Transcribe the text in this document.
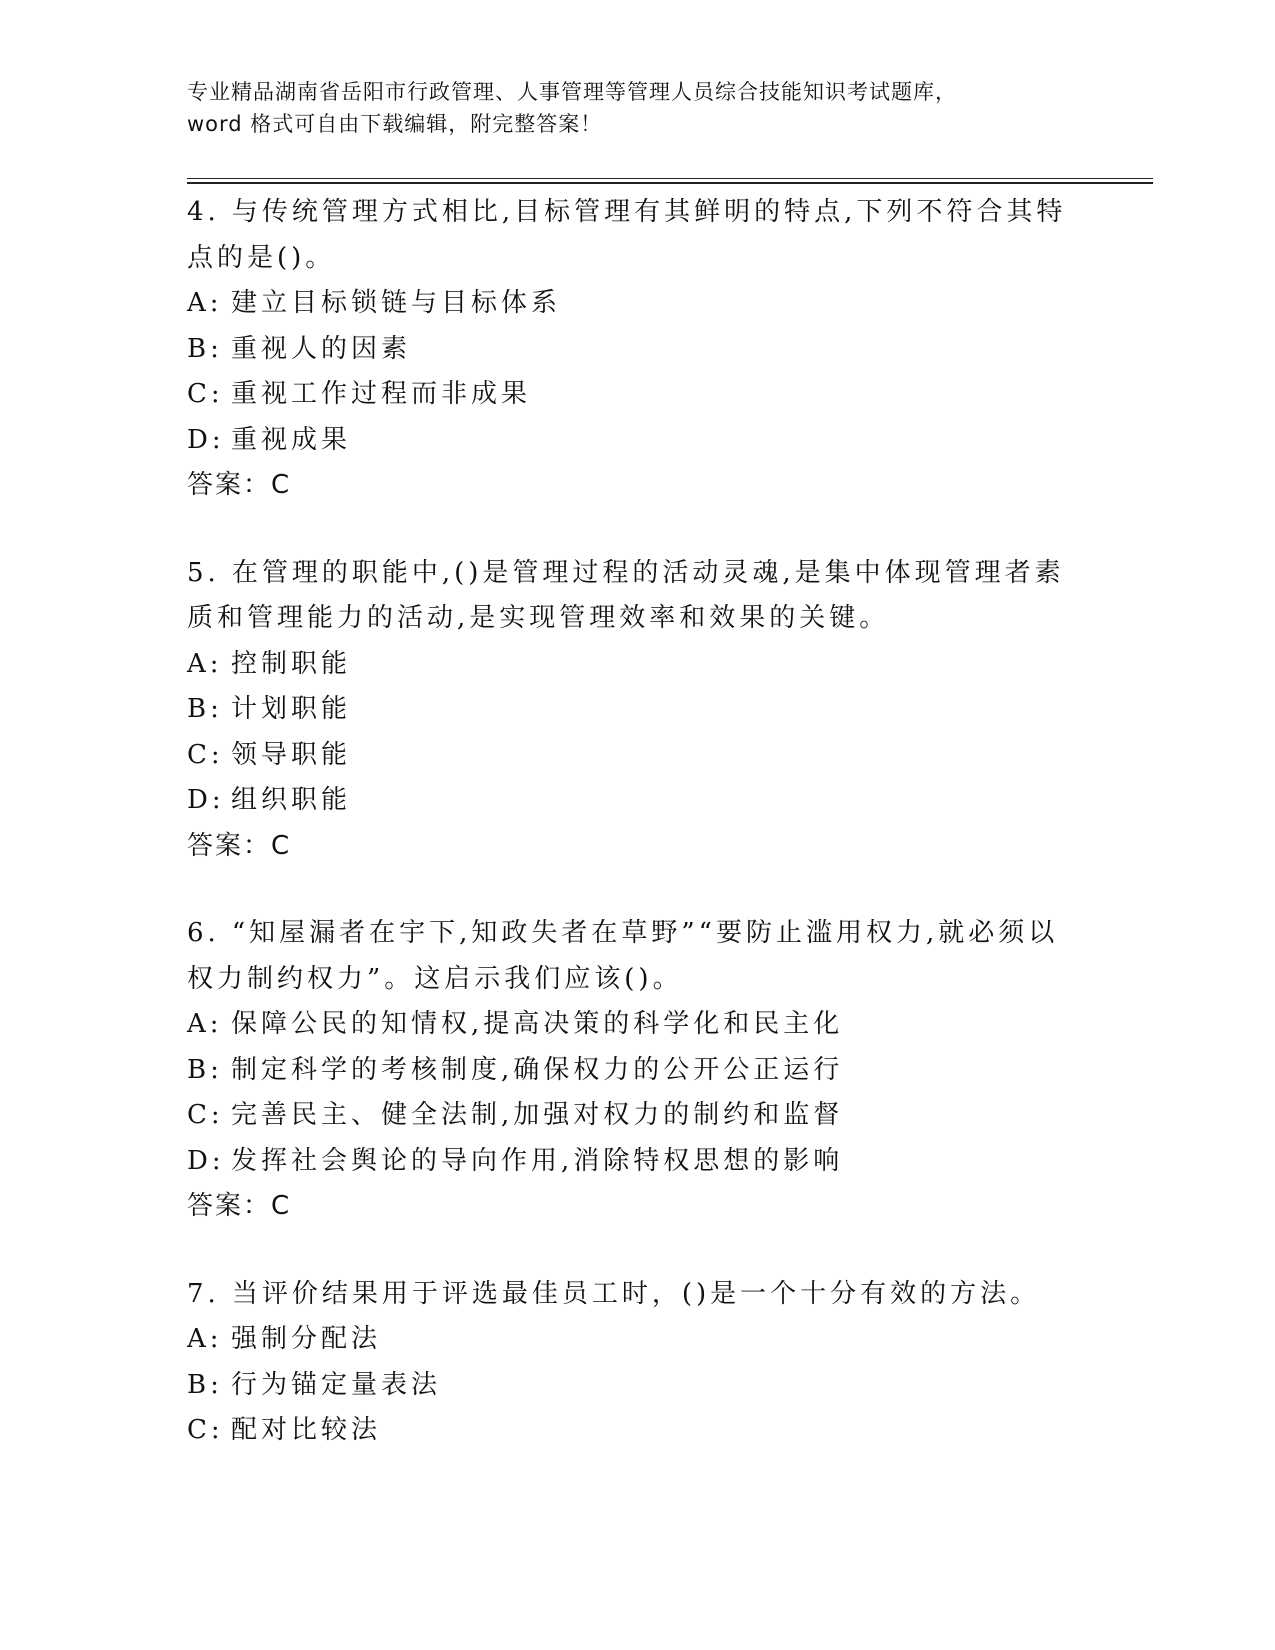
专业精品湖南省岳阳市行政管理、人事管理等管理人员综合技能知识考试题库，
word 格式可自由下载编辑，附完整答案！
4. 与传统管理方式相比,目标管理有其鲜明的特点,下列不符合其特点的是()。
A: 建立目标锁链与目标体系
B: 重视人的因素
C: 重视工作过程而非成果
D: 重视成果
答案：C
5. 在管理的职能中,()是管理过程的活动灵魂,是集中体现管理者素质和管理能力的活动,是实现管理效率和效果的关键。
A: 控制职能
B: 计划职能
C: 领导职能
D: 组织职能
答案：C
6. “知屋漏者在宇下,知政失者在草野”“要防止滥用权力,就必须以权力制约权力”。这启示我们应该()。
A: 保障公民的知情权,提高决策的科学化和民主化
B: 制定科学的考核制度,确保权力的公开公正运行
C: 完善民主、健全法制,加强对权力的制约和监督
D: 发挥社会舆论的导向作用,消除特权思想的影响
答案：C
7. 当评价结果用于评选最佳员工时，()是一个十分有效的方法。
A: 强制分配法
B: 行为锚定量表法
C: 配对比较法
